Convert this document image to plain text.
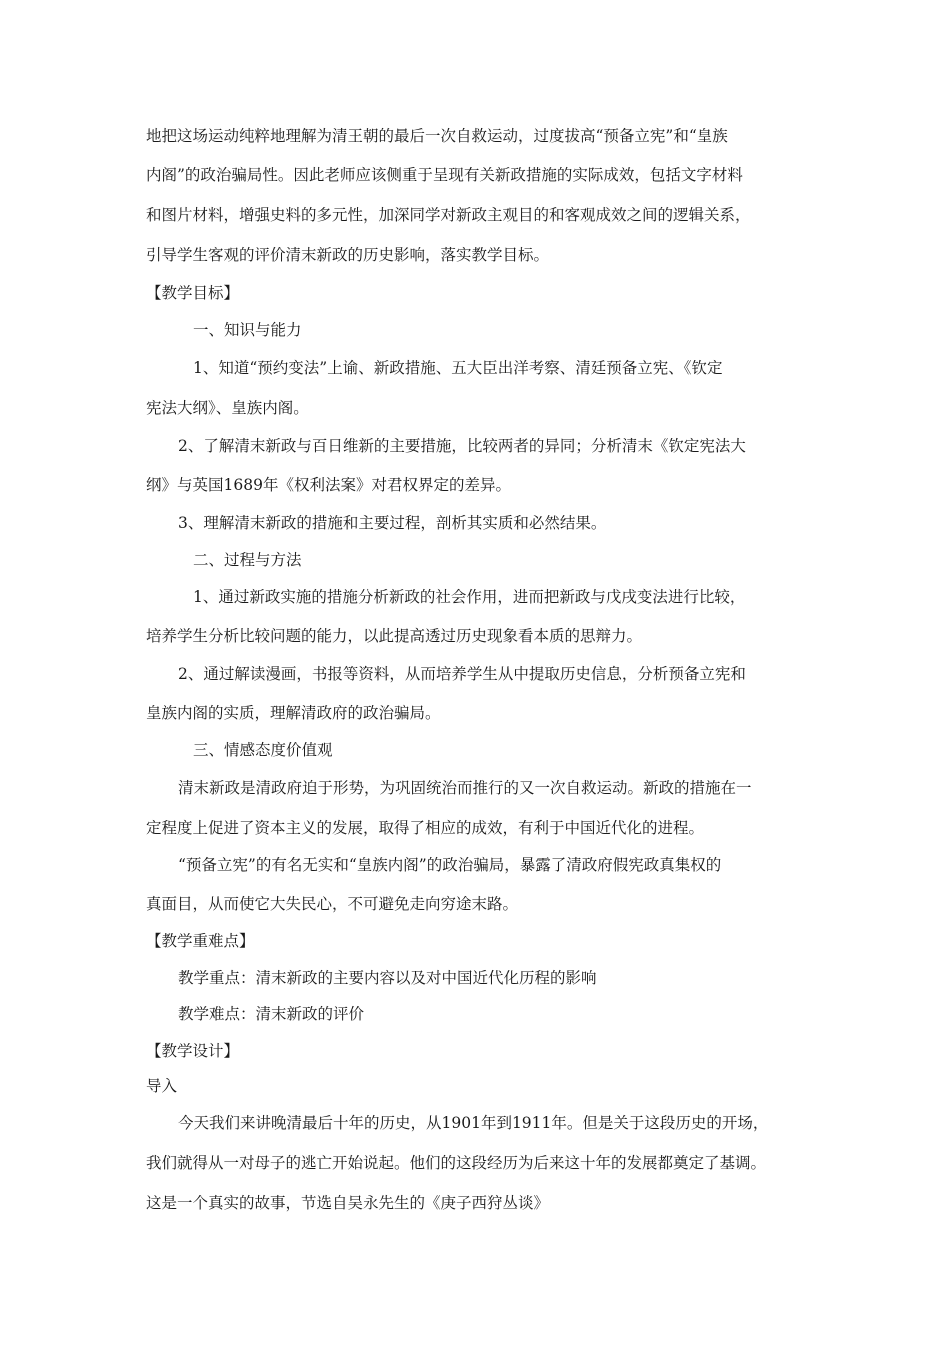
地把这场运动纯粹地理解为清王朝的最后一次自救运动，过度拔高“预备立宪”和“皇族
内阁”的政治骗局性。因此老师应该侧重于呈现有关新政措施的实际成效，包括文字材料
和图片材料，增强史料的多元性，加深同学对新政主观目的和客观成效之间的逻辑关系，
引导学生客观的评价清末新政的历史影响，落实教学目标。
【教学目标】
一、知识与能力
1、知道“预约变法”上谕、新政措施、五大臣出洋考察、清廷预备立宪、《钦定
宪法大纲》、皇族内阁。
2、了解清末新政与百日维新的主要措施，比较两者的异同；分析清末《钦定宪法大
纲》与英国1689年《权利法案》对君权界定的差异。
3、理解清末新政的措施和主要过程，剖析其实质和必然结果。
二、过程与方法
1、通过新政实施的措施分析新政的社会作用，进而把新政与戊戌变法进行比较，
培养学生分析比较问题的能力，以此提高透过历史现象看本质的思辩力。
2、通过解读漫画，书报等资料，从而培养学生从中提取历史信息，分析预备立宪和
皇族内阁的实质，理解清政府的政治骗局。
三、情感态度价值观
清末新政是清政府迫于形势，为巩固统治而推行的又一次自救运动。新政的措施在一
定程度上促进了资本主义的发展，取得了相应的成效，有利于中国近代化的进程。
“预备立宪”的有名无实和“皇族内阁”的政治骗局，暴露了清政府假宪政真集权的
真面目，从而使它大失民心，不可避免走向穷途末路。
【教学重难点】
教学重点：清末新政的主要内容以及对中国近代化历程的影响
教学难点：清末新政的评价
【教学设计】
导入
今天我们来讲晚清最后十年的历史，从1901年到1911年。但是关于这段历史的开场，
我们就得从一对母子的逃亡开始说起。他们的这段经历为后来这十年的发展都奠定了基调。
这是一个真实的故事，节选自吴永先生的《庚子西狩丛谈》
